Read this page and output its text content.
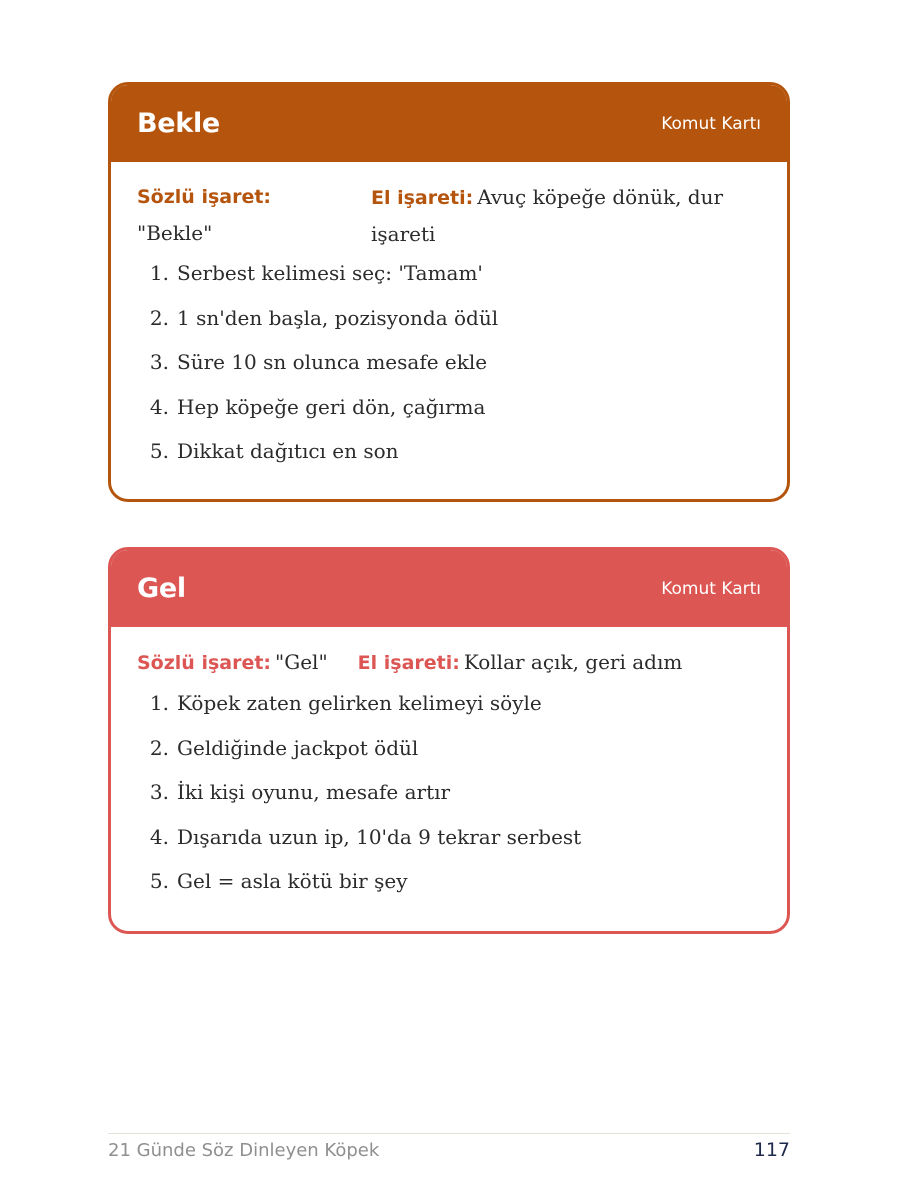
Bekle	Komut Kartı
Sözlü işaret:
"Bekle"
El işareti: Avuç köpeğe dönük, dur işareti
1. Serbest kelimesi seç: 'Tamam'
2. 1 sn'den başla, pozisyonda ödül
3. Süre 10 sn olunca mesafe ekle
4. Hep köpeğe geri dön, çağırma
5. Dikkat dağıtıcı en son
Gel	Komut Kartı
Sözlü işaret: "Gel" El işareti: Kollar açık, geri adım
1. Köpek zaten gelirken kelimeyi söyle
2. Geldiğinde jackpot ödül
3. İki kişi oyunu, mesafe artır
4. Dışarıda uzun ip, 10'da 9 tekrar serbest
5. Gel = asla kötü bir şey
21 Günde Söz Dinleyen Köpek	117
